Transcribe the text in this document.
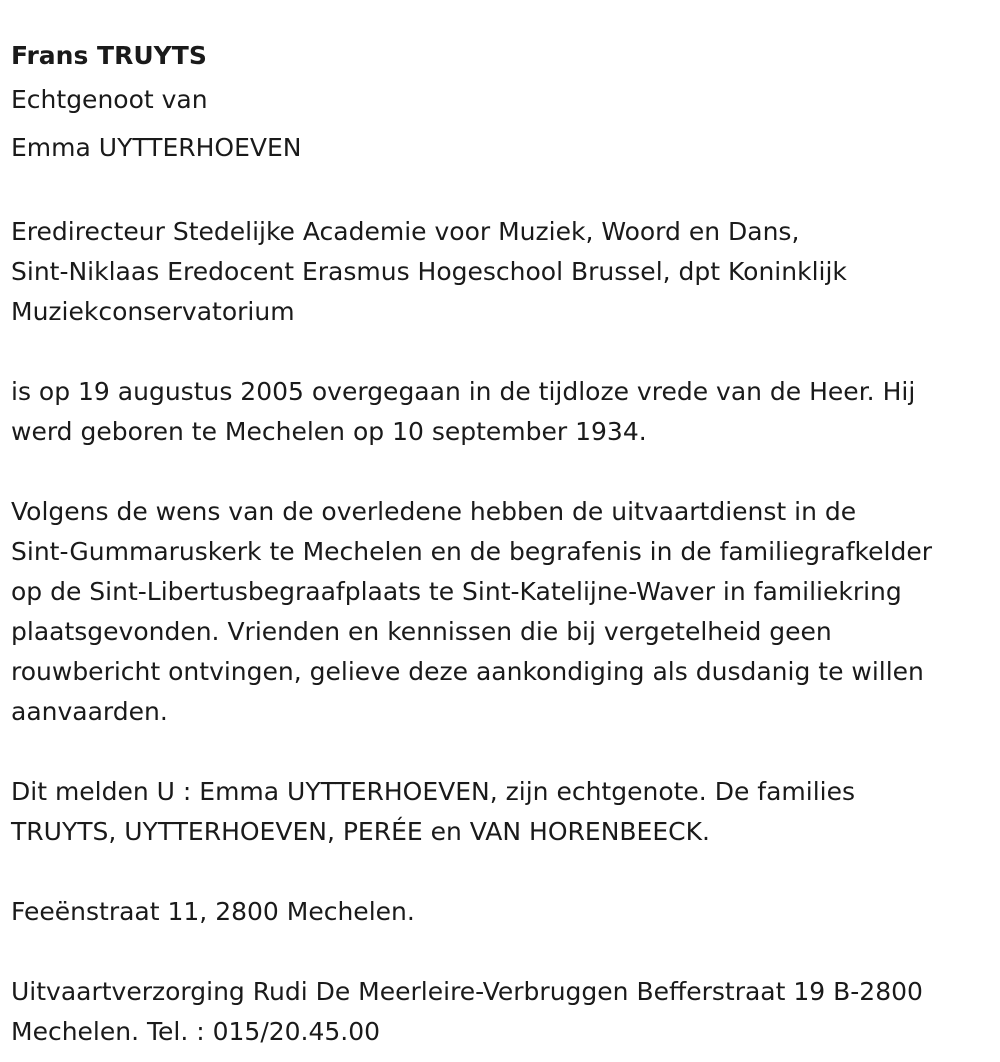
Frans TRUYTS
Echtgenoot van
Emma UYTTERHOEVEN
Eredirecteur Stedelijke Academie voor Muziek, Woord en Dans,
Sint-Niklaas Eredocent Erasmus Hogeschool Brussel, dpt Koninklijk
Muziekconservatorium
is op 19 augustus 2005 overgegaan in de tijdloze vrede van de Heer. Hij
werd geboren te Mechelen op 10 september 1934.
Volgens de wens van de overledene hebben de uitvaartdienst in de
Sint-Gummaruskerk te Mechelen en de begrafenis in de familiegrafkelder
op de Sint-Libertusbegraafplaats te Sint-Katelijne-Waver in familiekring
plaatsgevonden. Vrienden en kennissen die bij vergetelheid geen
rouwbericht ontvingen, gelieve deze aankondiging als dusdanig te willen
aanvaarden.
Dit melden U : Emma UYTTERHOEVEN, zijn echtgenote. De families
TRUYTS, UYTTERHOEVEN, PERÉE en VAN HORENBEECK.
Feeënstraat 11, 2800 Mechelen.
Uitvaartverzorging Rudi De Meerleire-Verbruggen Befferstraat 19 B-2800
Mechelen. Tel. : 015/20.45.00
